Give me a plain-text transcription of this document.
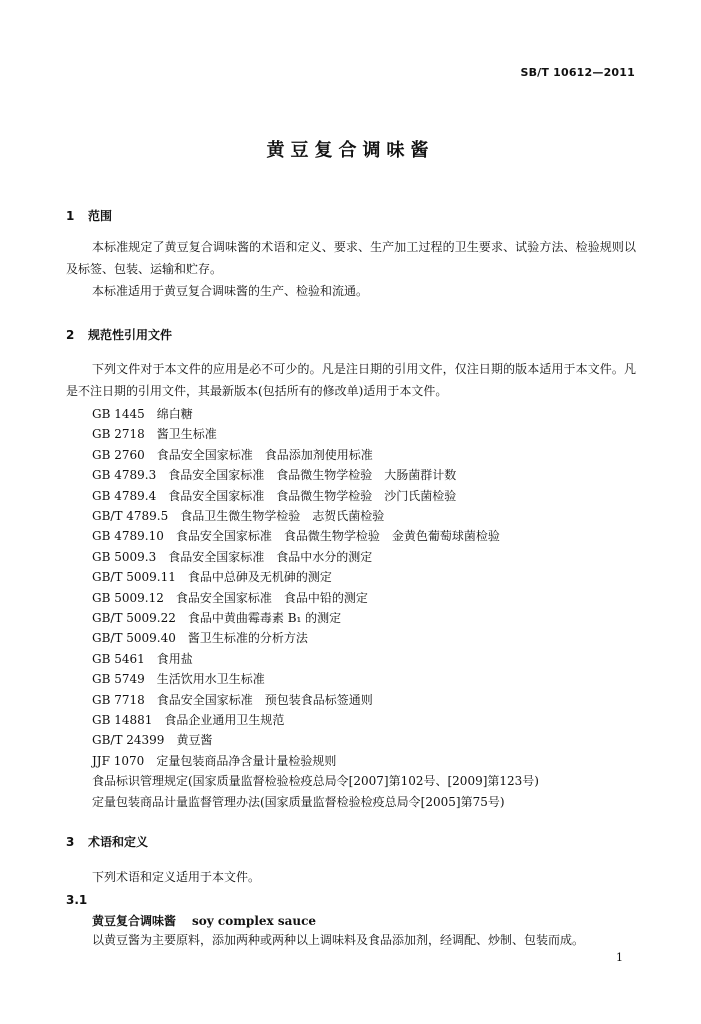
SB/T 10612—2011
黄豆复合调味酱
1 范围
本标准规定了黄豆复合调味酱的术语和定义、要求、生产加工过程的卫生要求、试验方法、检验规则以及标签、包装、运输和贮存。
本标准适用于黄豆复合调味酱的生产、检验和流通。
2 规范性引用文件
下列文件对于本文件的应用是必不可少的。凡是注日期的引用文件，仅注日期的版本适用于本文件。凡是不注日期的引用文件，其最新版本(包括所有的修改单)适用于本文件。
GB 1445 绵白糖
GB 2718 酱卫生标准
GB 2760 食品安全国家标准　食品添加剂使用标准
GB 4789.3 食品安全国家标准　食品微生物学检验　大肠菌群计数
GB 4789.4 食品安全国家标准　食品微生物学检验　沙门氏菌检验
GB/T 4789.5 食品卫生微生物学检验　志贺氏菌检验
GB 4789.10 食品安全国家标准　食品微生物学检验　金黄色葡萄球菌检验
GB 5009.3 食品安全国家标准　食品中水分的测定
GB/T 5009.11 食品中总砷及无机砷的测定
GB 5009.12 食品安全国家标准　食品中铅的测定
GB/T 5009.22 食品中黄曲霉毒素 B₁ 的测定
GB/T 5009.40 酱卫生标准的分析方法
GB 5461 食用盐
GB 5749 生活饮用水卫生标准
GB 7718 食品安全国家标准　预包装食品标签通则
GB 14881 食品企业通用卫生规范
GB/T 24399 黄豆酱
JJF 1070 定量包装商品净含量计量检验规则
食品标识管理规定(国家质量监督检验检疫总局令[2007]第102号、[2009]第123号)
定量包装商品计量监督管理办法(国家质量监督检验检疫总局令[2005]第75号)
3 术语和定义
下列术语和定义适用于本文件。
3.1
黄豆复合调味酱 soy complex sauce
以黄豆酱为主要原料，添加两种或两种以上调味料及食品添加剂，经调配、炒制、包装而成。
1
